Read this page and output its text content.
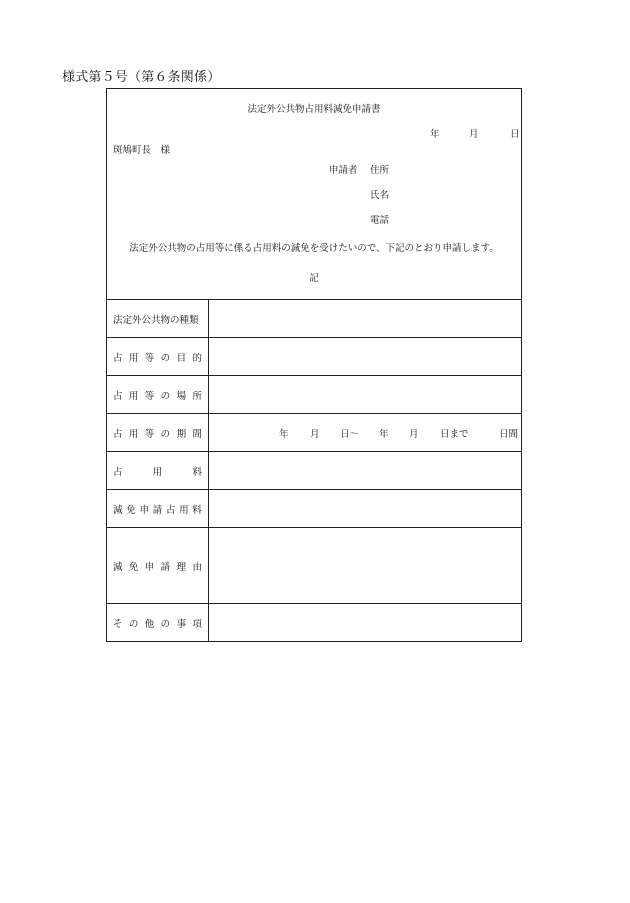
様式第５号（第６条関係）
法定外公共物占用料減免申請書
年	月	日
斑鳩町長　様
申請者 住所
氏名
電話
法定外公共物の占用等に係る占用料の減免を受けたいので、下記のとおり申請します。
記
法定外公共物の種類
占 用 等 の 目 的
占 用 等 の 場 所
占 用 等 の 期 間	年 月 日～ 年 月 日まで	日間
占	用	料
減 免 申 請 占 用 料
減 免 申 請 理 由
そ の 他 の 事 項
